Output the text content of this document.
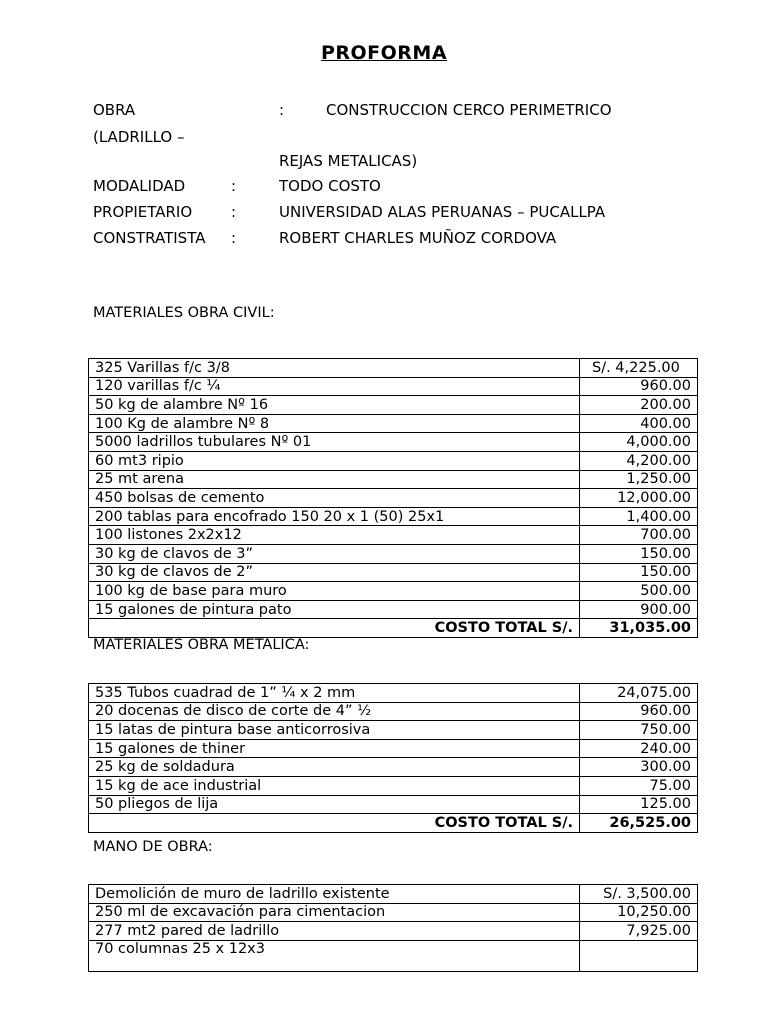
PROFORMA
OBRA	:	CONSTRUCCION CERCO PERIMETRICO
(LADRILLO –
REJAS METALICAS)
MODALIDAD	:	TODO COSTO
PROPIETARIO	:	UNIVERSIDAD ALAS PERUANAS – PUCALLPA
CONSTRATISTA :	ROBERT CHARLES MUÑOZ CORDOVA
MATERIALES OBRA CIVIL:
325 Varillas f/c 3/8	S/. 4,225.00
120 varillas f/c ¼	960.00
50 kg de alambre Nº 16	200.00
100 Kg de alambre Nº 8	400.00
5000 ladrillos tubulares Nº 01	4,000.00
60 mt3 ripio	4,200.00
25 mt arena	1,250.00
450 bolsas de cemento	12,000.00
200 tablas para encofrado 150 20 x 1 (50) 25x1	1,400.00
100 listones 2x2x12	700.00
30 kg de clavos de 3”	150.00
30 kg de clavos de 2”	150.00
100 kg de base para muro	500.00
15 galones de pintura pato	900.00
COSTO TOTAL S/.	31,035.00
MATERIALES OBRA METALICA:
535 Tubos cuadrad de 1” ¼ x 2 mm	24,075.00
20 docenas de disco de corte de 4” ½	960.00
15 latas de pintura base anticorrosiva	750.00
15 galones de thiner	240.00
25 kg de soldadura	300.00
15 kg de ace industrial	75.00
50 pliegos de lija	125.00
COSTO TOTAL S/.	26,525.00
MANO DE OBRA:
Demolición de muro de ladrillo existente	S/. 3,500.00
250 ml de excavación para cimentacion	10,250.00
277 mt2 pared de ladrillo	7,925.00
70 columnas 25 x 12x3	
